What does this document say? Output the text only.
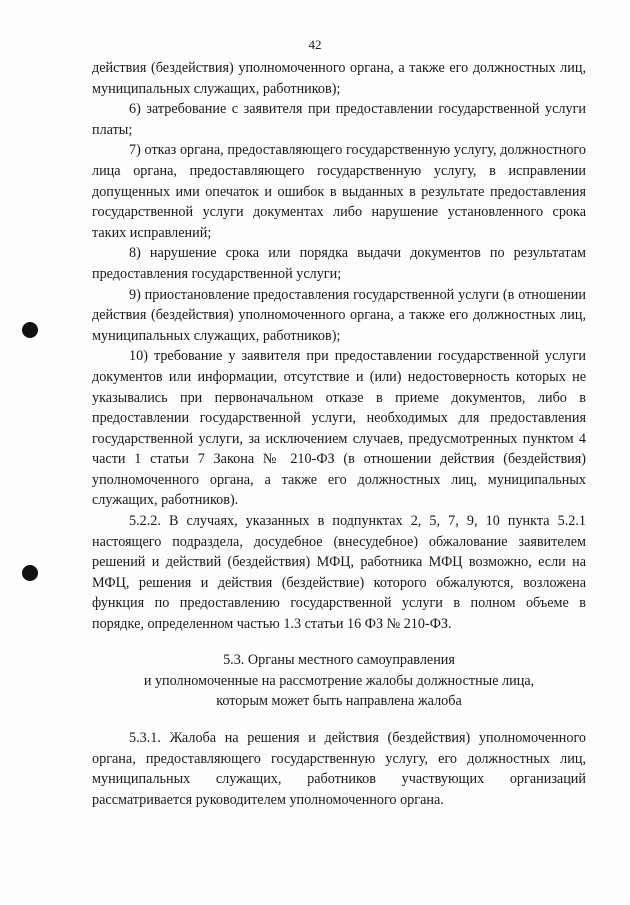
42

действия (бездействия) уполномоченного органа, а также его должностных лиц, муниципальных служащих, работников);

6) затребование с заявителя при предоставлении государственной услуги платы;

7) отказ органа, предоставляющего государственную услугу, должностного лица органа, предоставляющего государственную услугу, в исправлении допущенных ими опечаток и ошибок в выданных в результате предоставления государственной услуги документах либо нарушение установленного срока таких исправлений;

8) нарушение срока или порядка выдачи документов по результатам предоставления государственной услуги;

9) приостановление предоставления государственной услуги (в отношении действия (бездействия) уполномоченного органа, а также его должностных лиц, муниципальных служащих, работников);

10) требование у заявителя при предоставлении государственной услуги документов или информации, отсутствие и (или) недостоверность которых не указывались при первоначальном отказе в приеме документов, либо в предоставлении государственной услуги, необходимых для предоставления государственной услуги, за исключением случаев, предусмотренных пунктом 4 части 1 статьи 7 Закона № 210-ФЗ (в отношении действия (бездействия) уполномоченного органа, а также его должностных лиц, муниципальных служащих, работников).

5.2.2. В случаях, указанных в подпунктах 2, 5, 7, 9, 10 пункта 5.2.1 настоящего подраздела, досудебное (внесудебное) обжалование заявителем решений и действий (бездействия) МФЦ, работника МФЦ возможно, если на МФЦ, решения и действия (бездействие) которого обжалуются, возложена функция по предоставлению государственной услуги в полном объеме в порядке, определенном частью 1.3 статьи 16 ФЗ № 210-ФЗ.

5.3. Органы местного самоуправления
и уполномоченные на рассмотрение жалобы должностные лица,
которым может быть направлена жалоба

5.3.1. Жалоба на решения и действия (бездействия) уполномоченного органа, предоставляющего государственную услугу, его должностных лиц, муниципальных служащих, работников участвующих организаций рассматривается руководителем уполномоченного органа.
